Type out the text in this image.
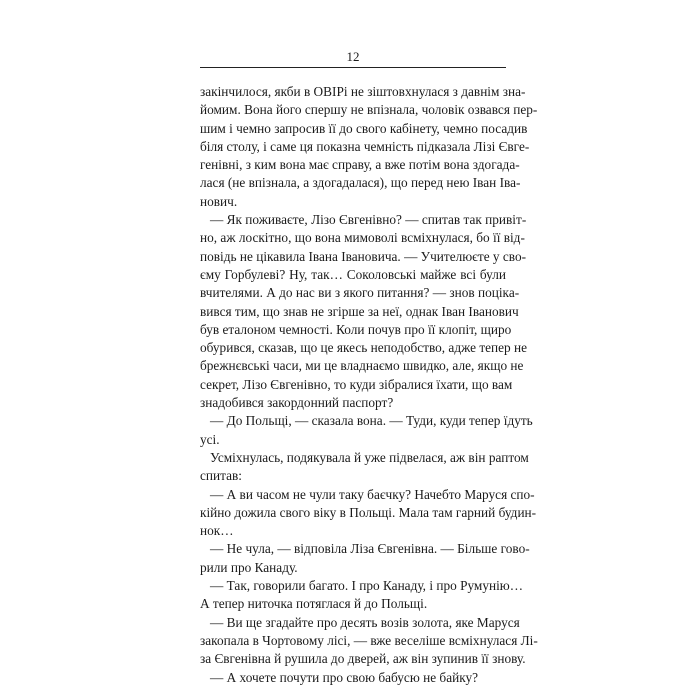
12
закінчилося, якби в ОВІРі не зіштовхнулася з давнім зна-
йомим. Вона його спершу не впізнала, чоловік озвався пер-
шим і чемно запросив її до свого кабінету, чемно посадив
біля столу, і саме ця показна чемність підказала Лізі Євге-
генівні, з ким вона має справу, а вже потім вона здогада-
лася (не впізнала, а здогадалася), що перед нею Іван Іва-
нович.
— Як поживаєте, Лізо Євгенівно? — спитав так привіт-
но, аж лоскітно, що вона мимоволі всміхнулася, бо її від-
повідь не цікавила Івана Івановича. — Учителюєте у сво-
єму Горбулеві? Ну, так… Соколовські майже всі були
вчителями. А до нас ви з якого питання? — знов поціка-
вився тим, що знав не згірше за неї, однак Іван Іванович
був еталоном чемності. Коли почув про її клопіт, щиро
обурився, сказав, що це якесь неподобство, адже тепер не
брежнєвські часи, ми це владнаємо швидко, але, якщо не
секрет, Лізо Євгенівно, то куди зібралися їхати, що вам
знадобився закордонний паспорт?
— До Польщі, — сказала вона. — Туди, куди тепер їдуть
усі.
Усміхнулась, подякувала й уже підвелася, аж він раптом
спитав:
— А ви часом не чули таку баєчку? Начебто Маруся спо-
кійно дожила свого віку в Польщі. Мала там гарний будин-
нок…
— Не чула, — відповіла Ліза Євгенівна. — Більше гово-
рили про Канаду.
— Так, говорили багато. І про Канаду, і про Румунію…
А тепер ниточка потяглася й до Польщі.
— Ви ще згадайте про десять возів золота, яке Маруся
закопала в Чортовому лісі, — вже веселіше всміхнулася Лі-
за Євгенівна й рушила до дверей, аж він зупинив її знову.
— А хочете почути про свою бабусю не байку?
